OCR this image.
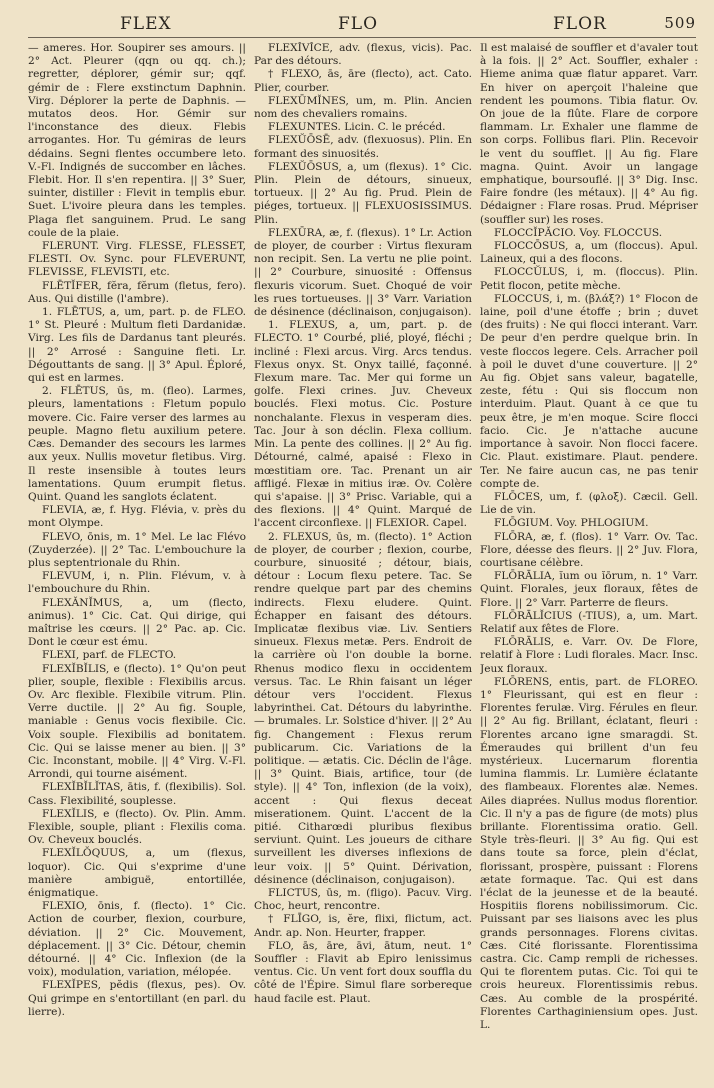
FLEX	FLO	FLOR	509

— ameres. Hor. Soupirer ses amours. || 2° Act. Pleurer (qqn ou qq. ch.); regretter, déplorer, gémir sur; qqf. gémir de : Flere exstinctum Daphnin. Virg. Déplorer la perte de Daphnis. — mutatos deos. Hor. Gémir sur l'inconstance des dieux. Flebis arrogantes. Hor. Tu gémiras de leurs dédains. Segni flentes occumbere leto. V.-Fl. Indignés de succomber en lâches. Flebit. Hor. Il s'en repentira. || 3° Suer, suinter, distiller : Flevit in templis ebur. Suet. L'ivoire pleura dans les temples. Plaga flet sanguinem. Prud. Le sang coule de la plaie.

FLERUNT. Virg. FLESSE, FLESSET, FLESTI. Ov. Sync. pour FLEVERUNT, FLEVISSE, FLEVISTI, etc.

FLĒTĬFER, fĕra, fĕrum (fletus, fero). Aus. Qui distille (l'ambre).

1. FLĒTUS, a, um, part. p. de FLEO. 1° St. Pleuré : Multum fleti Dardanidæ. Virg. Les fils de Dardanus tant pleurés. || 2° Arrosé : Sanguine fleti. Lr. Dégouttants de sang. || 3° Apul. Éploré, qui est en larmes.

2. FLĒTUS, ūs, m. (fleo). Larmes, pleurs, lamentations : Fletum populo movere. Cic. Faire verser des larmes au peuple. Magno fletu auxilium petere. Cæs. Demander des secours les larmes aux yeux. Nullis movetur fletibus. Virg. Il reste insensible à toutes leurs lamentations. Quum erumpit fletus. Quint. Quand les sanglots éclatent.

FLEVIA, æ, f. Hyg. Flévia, v. près du mont Olympe.

FLEVO, ōnis, m. 1° Mel. Le lac Flévo (Zuyderzée). || 2° Tac. L'embouchure la plus septentrionale du Rhin.

FLEVUM, i, n. Plin. Flévum, v. à l'embouchure du Rhin.

FLEXĂNĬMUS, a, um (flecto, animus). 1° Cic. Cat. Qui dirige, qui maîtrise les cœurs. || 2° Pac. ap. Cic. Dont le cœur est ému.

FLEXI, parf. de FLECTO.

FLEXĬBĬLIS, e (flecto). 1° Qu'on peut plier, souple, flexible : Flexibilis arcus. Ov. Arc flexible. Flexibile vitrum. Plin. Verre ductile. || 2° Au fig. Souple, maniable : Genus vocis flexibile. Cic. Voix souple. Flexibilis ad bonitatem. Cic. Qui se laisse mener au bien. || 3° Cic. Inconstant, mobile. || 4° Virg. V.-Fl. Arrondi, qui tourne aisément.

FLEXĬBĬLĬTAS, ātis, f. (flexibilis). Sol. Cass. Flexibilité, souplesse.

FLEXĬLIS, e (flecto). Ov. Plin. Amm. Flexible, souple, pliant : Flexilis coma. Ov. Cheveux bouclés.

FLEXĬLŎQUUS, a, um (flexus, loquor). Cic. Qui s'exprime d'une manière ambiguë, entortillée, énigmatique.

FLEXIO, ōnis, f. (flecto). 1° Cic. Action de courber, flexion, courbure, déviation. || 2° Cic. Mouvement, déplacement. || 3° Cic. Détour, chemin détourné. || 4° Cic. Inflexion (de la voix), modulation, variation, mélopée.

FLEXĬPES, pĕdis (flexus, pes). Ov. Qui grimpe en s'entortillant (en parl. du lierre).

FLEXĬVĬCE, adv. (flexus, vicis). Pac. Par des détours.

† FLEXO, ās, āre (flecto), act. Cato. Plier, courber.

FLEXŪMĬNES, um, m. Plin. Ancien nom des chevaliers romains.

FLEXUNTES. Licin. C. le précéd.

FLEXŬŌSĒ, adv. (flexuosus). Plin. En formant des sinuosités.

FLEXŬŌSUS, a, um (flexus). 1° Cic. Plin. Plein de détours, sinueux, tortueux. || 2° Au fig. Prud. Plein de piéges, tortueux. || FLEXUOSISSIMUS. Plin.

FLEXŪRA, æ, f. (flexus). 1° Lr. Action de ployer, de courber : Virtus flexuram non recipit. Sen. La vertu ne plie point. || 2° Courbure, sinuosité : Offensus flexuris vicorum. Suet. Choqué de voir les rues tortueuses. || 3° Varr. Variation de désinence (déclinaison, conjugaison).

1. FLEXUS, a, um, part. p. de FLECTO. 1° Courbé, plié, ployé, fléchi ; incliné : Flexi arcus. Virg. Arcs tendus. Flexus onyx. St. Onyx taillé, façonné. Flexum mare. Tac. Mer qui forme un golfe. Flexi crines. Juv. Cheveux bouclés. Flexi motus. Cic. Posture nonchalante. Flexus in vesperam dies. Tac. Jour à son déclin. Flexa collium. Min. La pente des collines. || 2° Au fig. Détourné, calmé, apaisé : Flexo in mœstitiam ore. Tac. Prenant un air affligé. Flexæ in mitius iræ. Ov. Colère qui s'apaise. || 3° Prisc. Variable, qui a des flexions. || 4° Quint. Marqué de l'accent circonflexe. || FLEXIOR. Capel.

2. FLEXUS, ūs, m. (flecto). 1° Action de ployer, de courber ; flexion, courbe, courbure, sinuosité ; détour, biais, détour : Locum flexu petere. Tac. Se rendre quelque part par des chemins indirects. Flexu eludere. Quint. Échapper en faisant des détours. Implicatæ flexibus viæ. Liv. Sentiers sinueux. Flexus metæ. Pers. Endroit de la carrière où l'on double la borne. Rhenus modico flexu in occidentem versus. Tac. Le Rhin faisant un léger détour vers l'occident. Flexus labyrinthei. Cat. Détours du labyrinthe. — brumales. Lr. Solstice d'hiver. || 2° Au fig. Changement : Flexus rerum publicarum. Cic. Variations de la politique. — ætatis. Cic. Déclin de l'âge. || 3° Quint. Biais, artifice, tour (de style). || 4° Ton, inflexion (de la voix), accent : Qui flexus deceat miserationem. Quint. L'accent de la pitié. Citharœdi pluribus flexibus serviunt. Quint. Les joueurs de cithare surveillent les diverses inflexions de leur voix. || 5° Quint. Dérivation, désinence (déclinaison, conjugaison).

FLICTUS, ūs, m. (fligo). Pacuv. Virg. Choc, heurt, rencontre.

† FLĪGO, is, ĕre, flixi, flictum, act. Andr. ap. Non. Heurter, frapper.

FLO, ās, āre, āvi, ātum, neut. 1° Souffler : Flavit ab Epiro lenissimus ventus. Cic. Un vent fort doux souffla du côté de l'Épire. Simul flare sorbereque haud facile est. Plaut.

Il est malaisé de souffler et d'avaler tout à la fois. || 2° Act. Souffler, exhaler : Hieme anima quæ flatur apparet. Varr. En hiver on aperçoit l'haleine que rendent les poumons. Tibia flatur. Ov. On joue de la flûte. Flare de corpore flammam. Lr. Exhaler une flamme de son corps. Follibus flari. Plin. Recevoir le vent du soufflet. || Au fig. Flare magna. Quint. Avoir un langage emphatique, boursouflé. || 3° Dig. Insc. Faire fondre (les métaux). || 4° Au fig. Dédaigner : Flare rosas. Prud. Mépriser (souffler sur) les roses.

FLOCCĬPĂCIO. Voy. FLOCCUS.

FLOCCŌSUS, a, um (floccus). Apul. Laineux, qui a des flocons.

FLOCCŬLUS, i, m. (floccus). Plin. Petit flocon, petite mèche.

FLOCCUS, i, m. (βλάξ?) 1° Flocon de laine, poil d'une étoffe ; brin ; duvet (des fruits) : Ne qui flocci interant. Varr. De peur d'en perdre quelque brin. In veste floccos legere. Cels. Arracher poil à poil le duvet d'une couverture. || 2° Au fig. Objet sans valeur, bagatelle, zeste, fétu : Qui sis floccum non interduim. Plaut. Quant à ce que tu peux être, je m'en moque. Scire flocci facio. Cic. Je n'attache aucune importance à savoir. Non flocci facere. Cic. Plaut. existimare. Plaut. pendere. Ter. Ne faire aucun cas, ne pas tenir compte de.

FLŌCES, um, f. (φλοξ). Cæcil. Gell. Lie de vin.

FLŌGIUM. Voy. PHLOGIUM.

FLŌRA, æ, f. (flos). 1° Varr. Ov. Tac. Flore, déesse des fleurs. || 2° Juv. Flora, courtisane célèbre.

FLŌRĀLIA, ĭum ou ĭōrum, n. 1° Varr. Quint. Florales, jeux floraux, fêtes de Flore. || 2° Varr. Parterre de fleurs.

FLŌRĀLĬCIUS (-TIUS), a, um. Mart. Relatif aux fêtes de Flore.

FLŌRĀLIS, e. Varr. Ov. De Flore, relatif à Flore : Ludi florales. Macr. Insc. Jeux floraux.

FLŌRENS, entis, part. de FLOREO. 1° Fleurissant, qui est en fleur : Florentes ferulæ. Virg. Férules en fleur. || 2° Au fig. Brillant, éclatant, fleuri : Florentes arcano igne smaragdi. St. Émeraudes qui brillent d'un feu mystérieux. Lucernarum florentia lumina flammis. Lr. Lumière éclatante des flambeaux. Florentes alæ. Nemes. Ailes diaprées. Nullus modus florentior. Cic. Il n'y a pas de figure (de mots) plus brillante. Florentissima oratio. Gell. Style très-fleuri. || 3° Au fig. Qui est dans toute sa force, plein d'éclat, florissant, prospère, puissant : Florens ætate formaque. Tac. Qui est dans l'éclat de la jeunesse et de la beauté. Hospitiis florens nobilissimorum. Cic. Puissant par ses liaisons avec les plus grands personnages. Florens civitas. Cæs. Cité florissante. Florentissima castra. Cic. Camp rempli de richesses. Qui te florentem putas. Cic. Toi qui te crois heureux. Florentissimis rebus. Cæs. Au comble de la prospérité. Florentes Carthaginiensium opes. Just. L.
